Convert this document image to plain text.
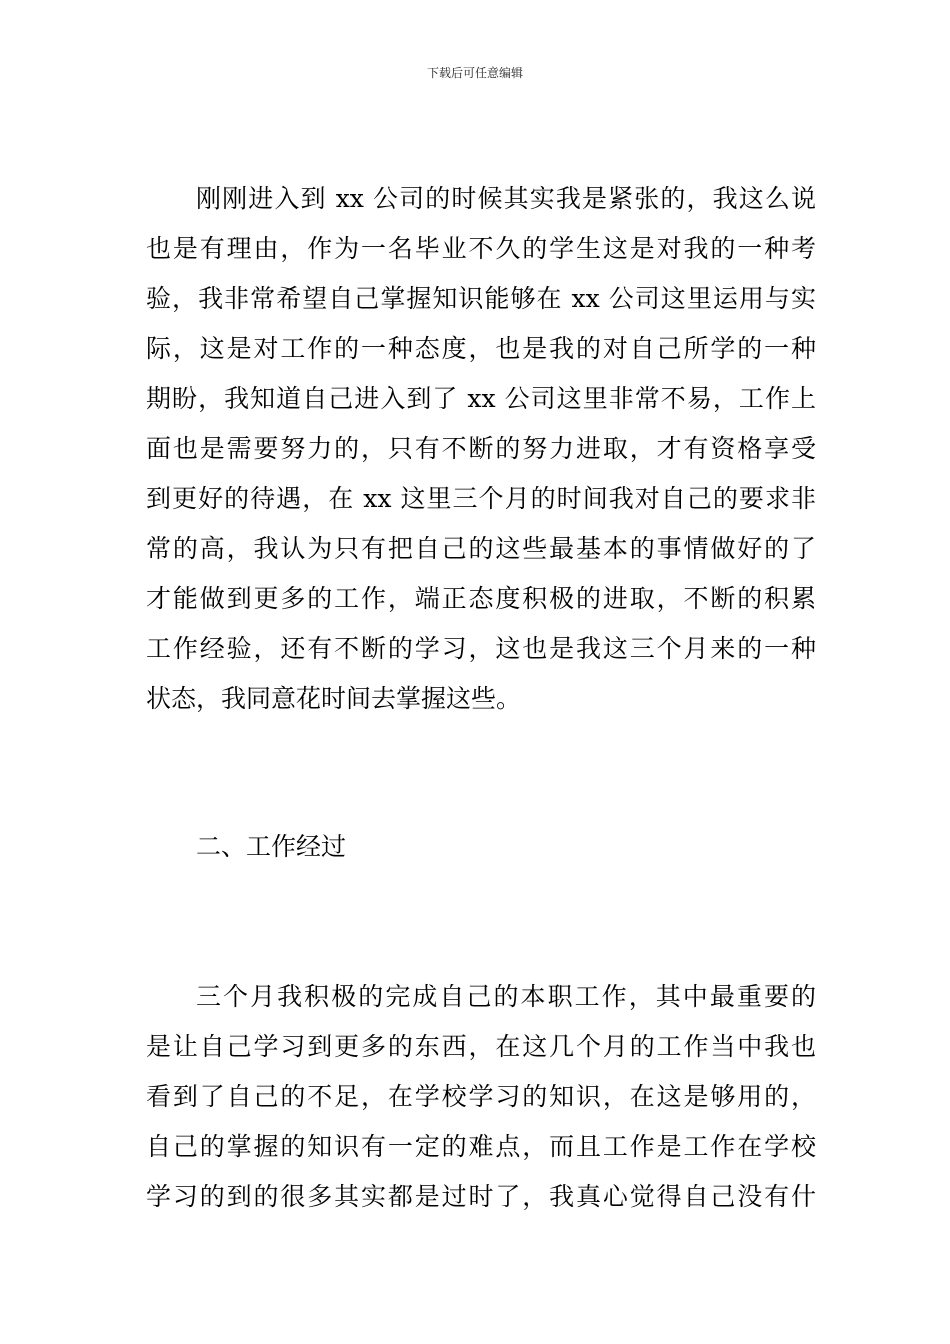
下载后可任意编辑
刚刚进入到 xx 公司的时候其实我是紧张的，我这么说
也是有理由，作为一名毕业不久的学生这是对我的一种考
验，我非常希望自己掌握知识能够在 xx 公司这里运用与实
际，这是对工作的一种态度，也是我的对自己所学的一种
期盼，我知道自己进入到了 xx 公司这里非常不易，工作上
面也是需要努力的，只有不断的努力进取，才有资格享受
到更好的待遇，在 xx 这里三个月的时间我对自己的要求非
常的高，我认为只有把自己的这些最基本的事情做好的了
才能做到更多的工作，端正态度积极的进取，不断的积累
工作经验，还有不断的学习，这也是我这三个月来的一种
状态，我同意花时间去掌握这些。
二、工作经过
三个月我积极的完成自己的本职工作，其中最重要的
是让自己学习到更多的东西，在这几个月的工作当中我也
看到了自己的不足，在学校学习的知识，在这是够用的，
自己的掌握的知识有一定的难点，而且工作是工作在学校
学习的到的很多其实都是过时了，我真心觉得自己没有什
